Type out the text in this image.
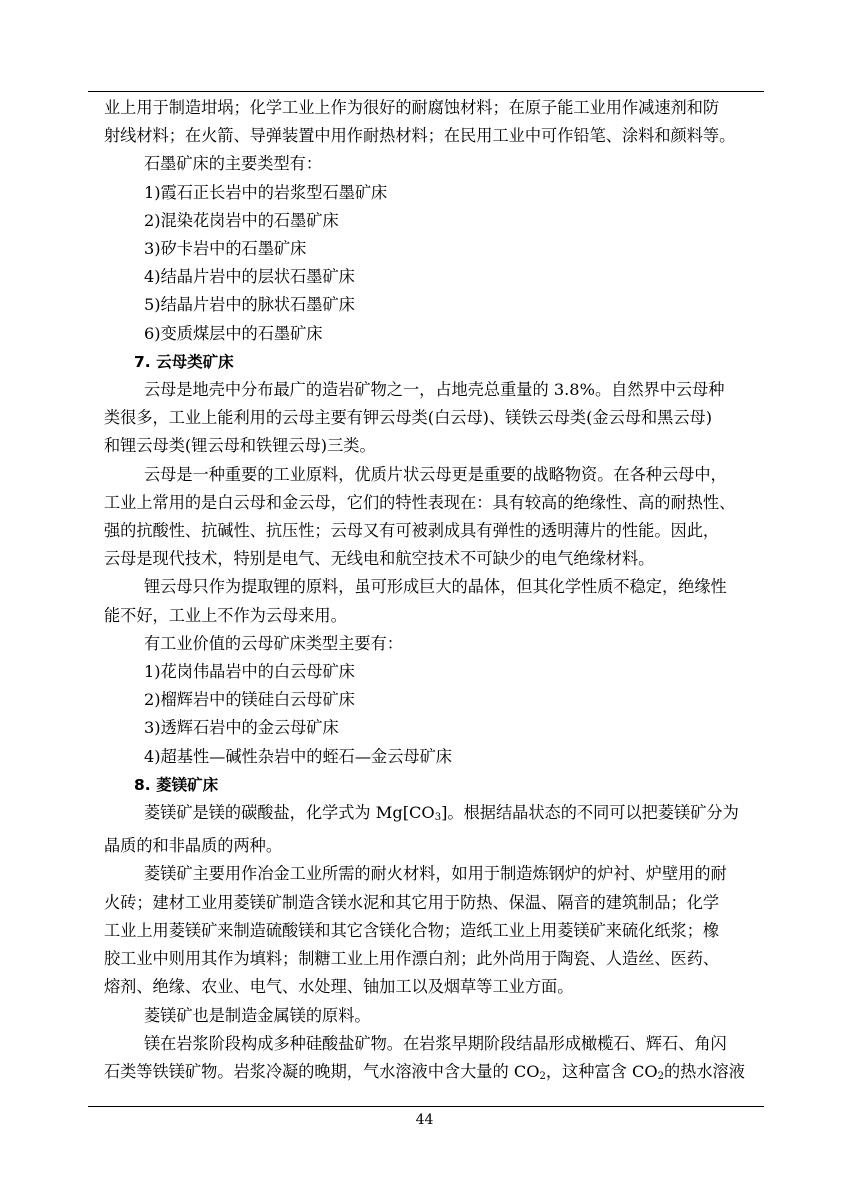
业上用于制造坩埚；化学工业上作为很好的耐腐蚀材料；在原子能工业用作减速剂和防

射线材料；在火箭、导弹装置中用作耐热材料；在民用工业中可作铅笔、涂料和颜料等。

石墨矿床的主要类型有：

1)霞石正长岩中的岩浆型石墨矿床

2)混染花岗岩中的石墨矿床

3)矽卡岩中的石墨矿床

4)结晶片岩中的层状石墨矿床

5)结晶片岩中的脉状石墨矿床

6)变质煤层中的石墨矿床

7. 云母类矿床

云母是地壳中分布最广的造岩矿物之一，占地壳总重量的 3.8%。自然界中云母种

类很多，工业上能利用的云母主要有钾云母类(白云母)、镁铁云母类(金云母和黑云母)

和锂云母类(锂云母和铁锂云母)三类。

云母是一种重要的工业原料，优质片状云母更是重要的战略物资。在各种云母中，

工业上常用的是白云母和金云母，它们的特性表现在：具有较高的绝缘性、高的耐热性、

强的抗酸性、抗碱性、抗压性；云母又有可被剥成具有弹性的透明薄片的性能。因此，

云母是现代技术，特别是电气、无线电和航空技术不可缺少的电气绝缘材料。

锂云母只作为提取锂的原料，虽可形成巨大的晶体，但其化学性质不稳定，绝缘性

能不好，工业上不作为云母来用。

有工业价值的云母矿床类型主要有：

1)花岗伟晶岩中的白云母矿床

2)榴辉岩中的镁硅白云母矿床

3)透辉石岩中的金云母矿床

4)超基性—碱性杂岩中的蛭石—金云母矿床

8. 菱镁矿床

菱镁矿是镁的碳酸盐，化学式为 $Mg[CO_3]$。根据结晶状态的不同可以把菱镁矿分为

晶质的和非晶质的两种。

菱镁矿主要用作冶金工业所需的耐火材料，如用于制造炼钢炉的炉衬、炉壁用的耐

火砖；建材工业用菱镁矿制造含镁水泥和其它用于防热、保温、隔音的建筑制品；化学

工业上用菱镁矿来制造硫酸镁和其它含镁化合物；造纸工业上用菱镁矿来硫化纸浆；橡

胶工业中则用其作为填料；制糖工业上用作漂白剂；此外尚用于陶瓷、人造丝、医药、

熔剂、绝缘、农业、电气、水处理、铀加工以及烟草等工业方面。

菱镁矿也是制造金属镁的原料。

镁在岩浆阶段构成多种硅酸盐矿物。在岩浆早期阶段结晶形成橄榄石、辉石、角闪

石类等铁镁矿物。岩浆冷凝的晚期，气水溶液中含大量的 $CO_2$，这种富含 $CO_2$的热水溶液

44
